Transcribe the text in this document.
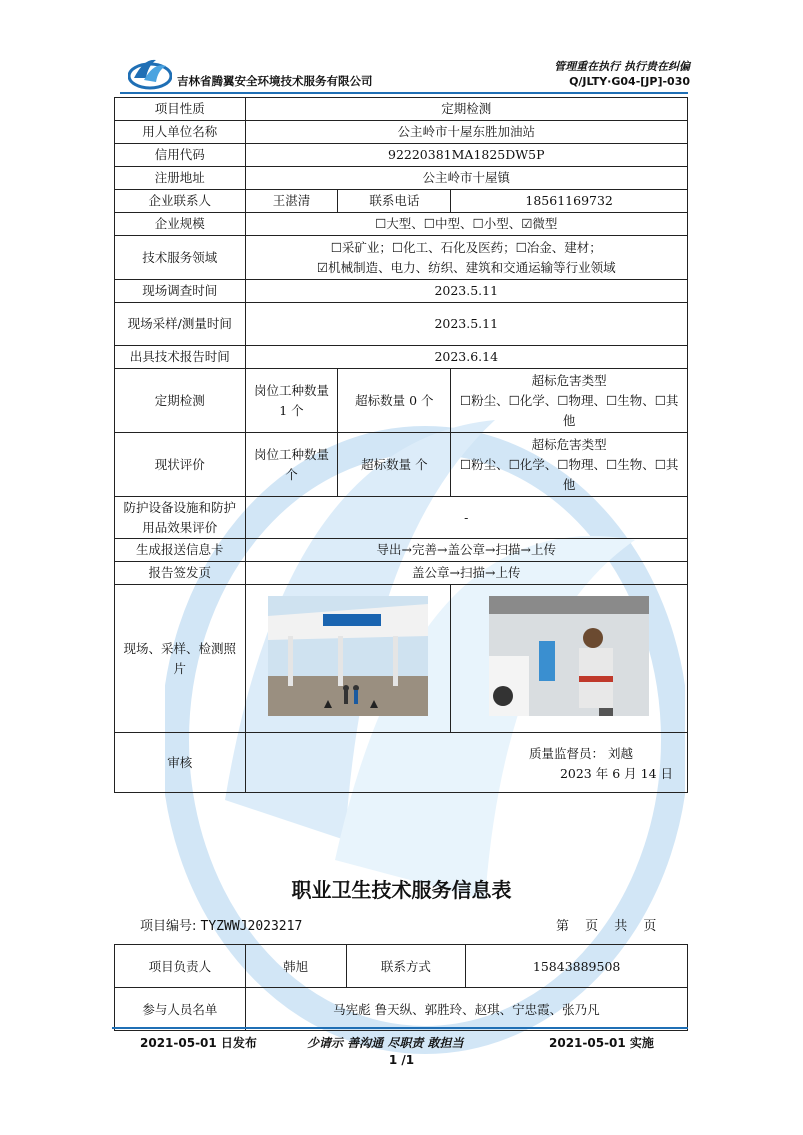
吉林省腾翼安全环境技术服务有限公司
管理重在执行 执行贵在纠偏
Q/JLTY·G04-[JP]-030
项目性质	定期检测		
用人单位名称	公主岭市十屋东胜加油站		
信用代码	92220381MA1825DW5P		
注册地址	公主岭市十屋镇		
企业联系人	王湛清	联系电话	18561169732
企业规模	☐大型、☐中型、☐小型、☑微型		
技术服务领域	☐采矿业；☐化工、石化及医药；☐冶金、建材；
☑机械制造、电力、纺织、建筑和交通运输等行业领域		

现场调查时间	2023.5.11		
现场采样/测量时间	2023.5.11		
出具技术报告时间	2023.6.14		
定期检测	岗位工种数量 1 个	超标数量 0 个	超标危害类型
☐粉尘、☐化学、☐物理、☐生物、☐其他

现状评价	岗位工种数量 个	超标数量 个	超标危害类型
☐粉尘、☐化学、☐物理、☐生物、☐其他

防护设备设施和防护用品效果评价	-		
生成报送信息卡	导出→完善→盖公章→扫描→上传		
报告签发页	盖公章→扫描→上传		
现场、采样、检测照片		
审核	质量监督员： 刘越
2023 年 6 月 14 日		
职业卫生技术服务信息表
项目编号: TYZWWJ2023217	第 页 共 页
项目负责人	韩旭	联系方式	15843889508
参与人员名单	马宪彪 鲁天纵、郭胜玲、赵琪、宁忠霞、张乃凡		
2021-05-01 日发布	少请示 善沟通 尽职责 敢担当	2021-05-01 实施
1 /1
